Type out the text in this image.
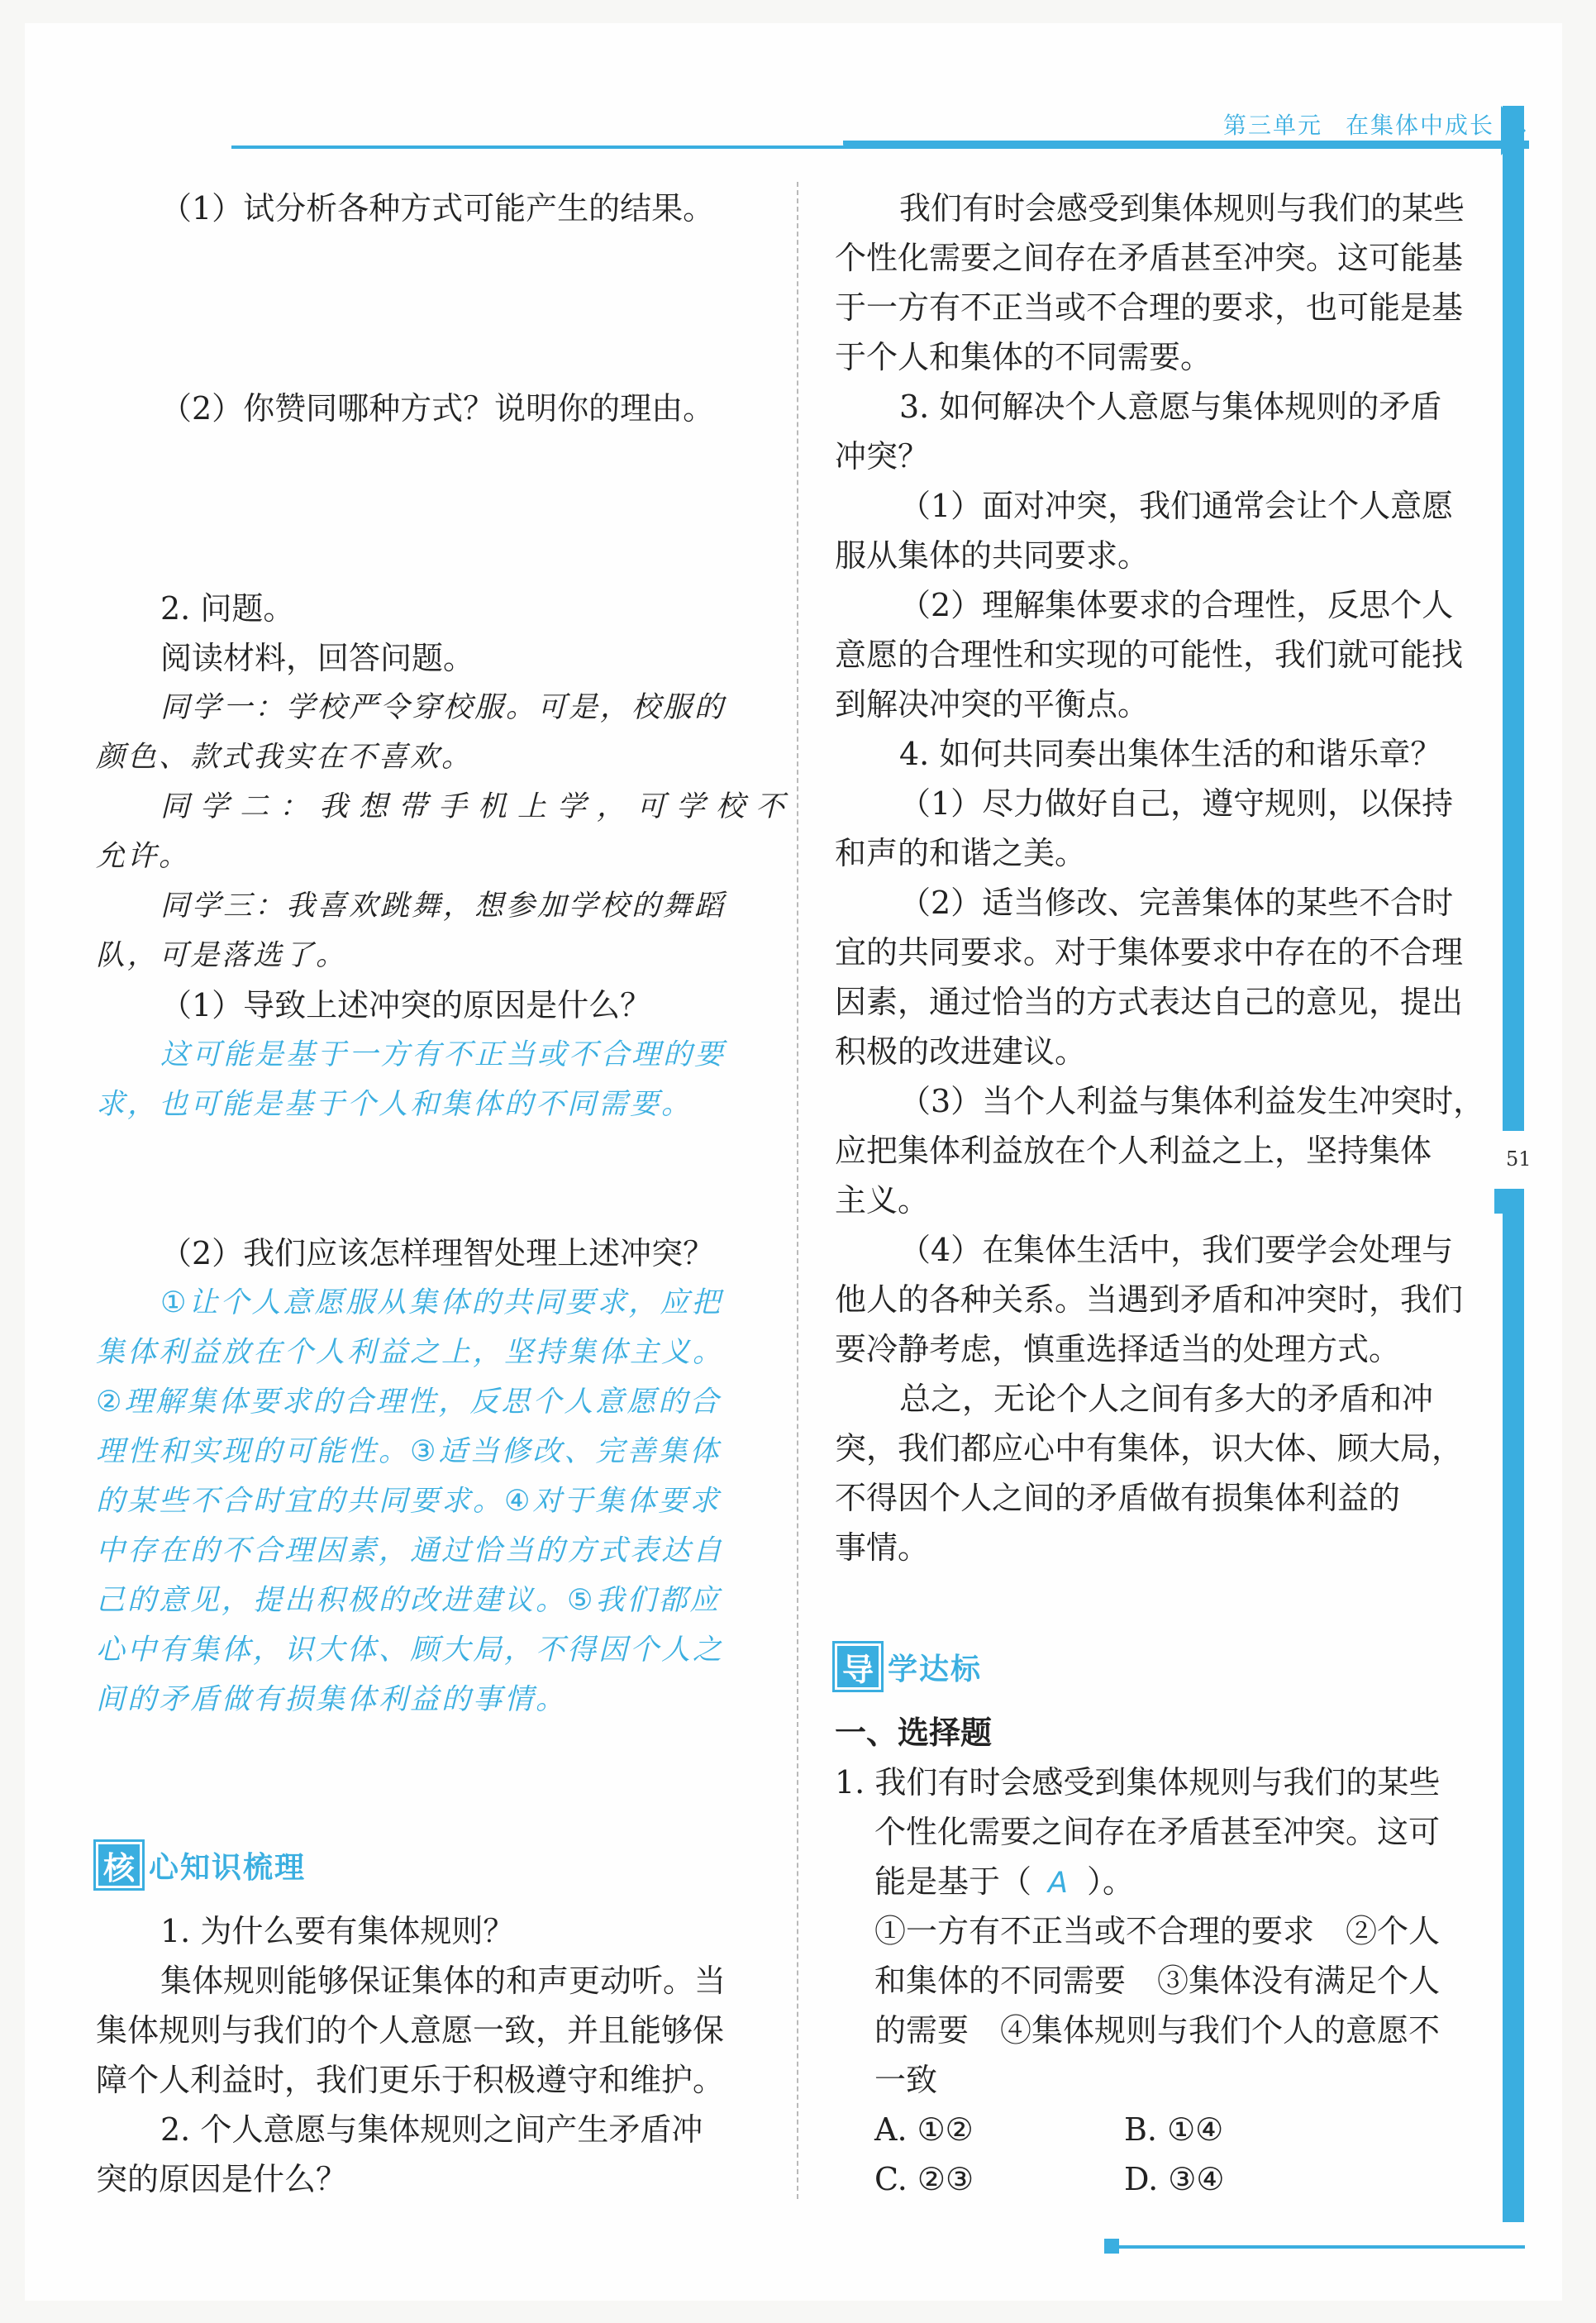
第三单元 在集体中成长
51
（1）试分析各种方式可能产生的结果。
（2）你赞同哪种方式？说明你的理由。
2. 问题。
阅读材料，回答问题。
同学一：学校严令穿校服。可是，校服的
颜色、款式我实在不喜欢。
同学二：我想带手机上学，可学校不
允许。
同学三：我喜欢跳舞，想参加学校的舞蹈
队，可是落选了。
（1）导致上述冲突的原因是什么？
这可能是基于一方有不正当或不合理的要
求，也可能是基于个人和集体的不同需要。
（2）我们应该怎样理智处理上述冲突？
①让个人意愿服从集体的共同要求，应把
集体利益放在个人利益之上，坚持集体主义。
②理解集体要求的合理性，反思个人意愿的合
理性和实现的可能性。③适当修改、完善集体
的某些不合时宜的共同要求。④对于集体要求
中存在的不合理因素，通过恰当的方式表达自
己的意见，提出积极的改进建议。⑤我们都应
心中有集体，识大体、顾大局，不得因个人之
间的矛盾做有损集体利益的事情。
核 心知识梳理
1. 为什么要有集体规则？
集体规则能够保证集体的和声更动听。当
集体规则与我们的个人意愿一致，并且能够保
障个人利益时，我们更乐于积极遵守和维护。
2. 个人意愿与集体规则之间产生矛盾冲
突的原因是什么？
我们有时会感受到集体规则与我们的某些
个性化需要之间存在矛盾甚至冲突。这可能基
于一方有不正当或不合理的要求，也可能是基
于个人和集体的不同需要。
3. 如何解决个人意愿与集体规则的矛盾
冲突？
（1）面对冲突，我们通常会让个人意愿
服从集体的共同要求。
（2）理解集体要求的合理性，反思个人
意愿的合理性和实现的可能性，我们就可能找
到解决冲突的平衡点。
4. 如何共同奏出集体生活的和谐乐章？
（1）尽力做好自己，遵守规则，以保持
和声的和谐之美。
（2）适当修改、完善集体的某些不合时
宜的共同要求。对于集体要求中存在的不合理
因素，通过恰当的方式表达自己的意见，提出
积极的改进建议。
（3）当个人利益与集体利益发生冲突时，
应把集体利益放在个人利益之上，坚持集体
主义。
（4）在集体生活中，我们要学会处理与
他人的各种关系。当遇到矛盾和冲突时，我们
要冷静考虑，慎重选择适当的处理方式。
总之，无论个人之间有多大的矛盾和冲
突，我们都应心中有集体，识大体、顾大局，
不得因个人之间的矛盾做有损集体利益的
事情。
导 学达标
一、选择题
1. 我们有时会感受到集体规则与我们的某些
个性化需要之间存在矛盾甚至冲突。这可
能是基于（ A ）。
①一方有不正当或不合理的要求　②个人
和集体的不同需要　③集体没有满足个人
的需要　④集体规则与我们个人的意愿不
一致
A. ①②	B. ①④
C. ②③	D. ③④
